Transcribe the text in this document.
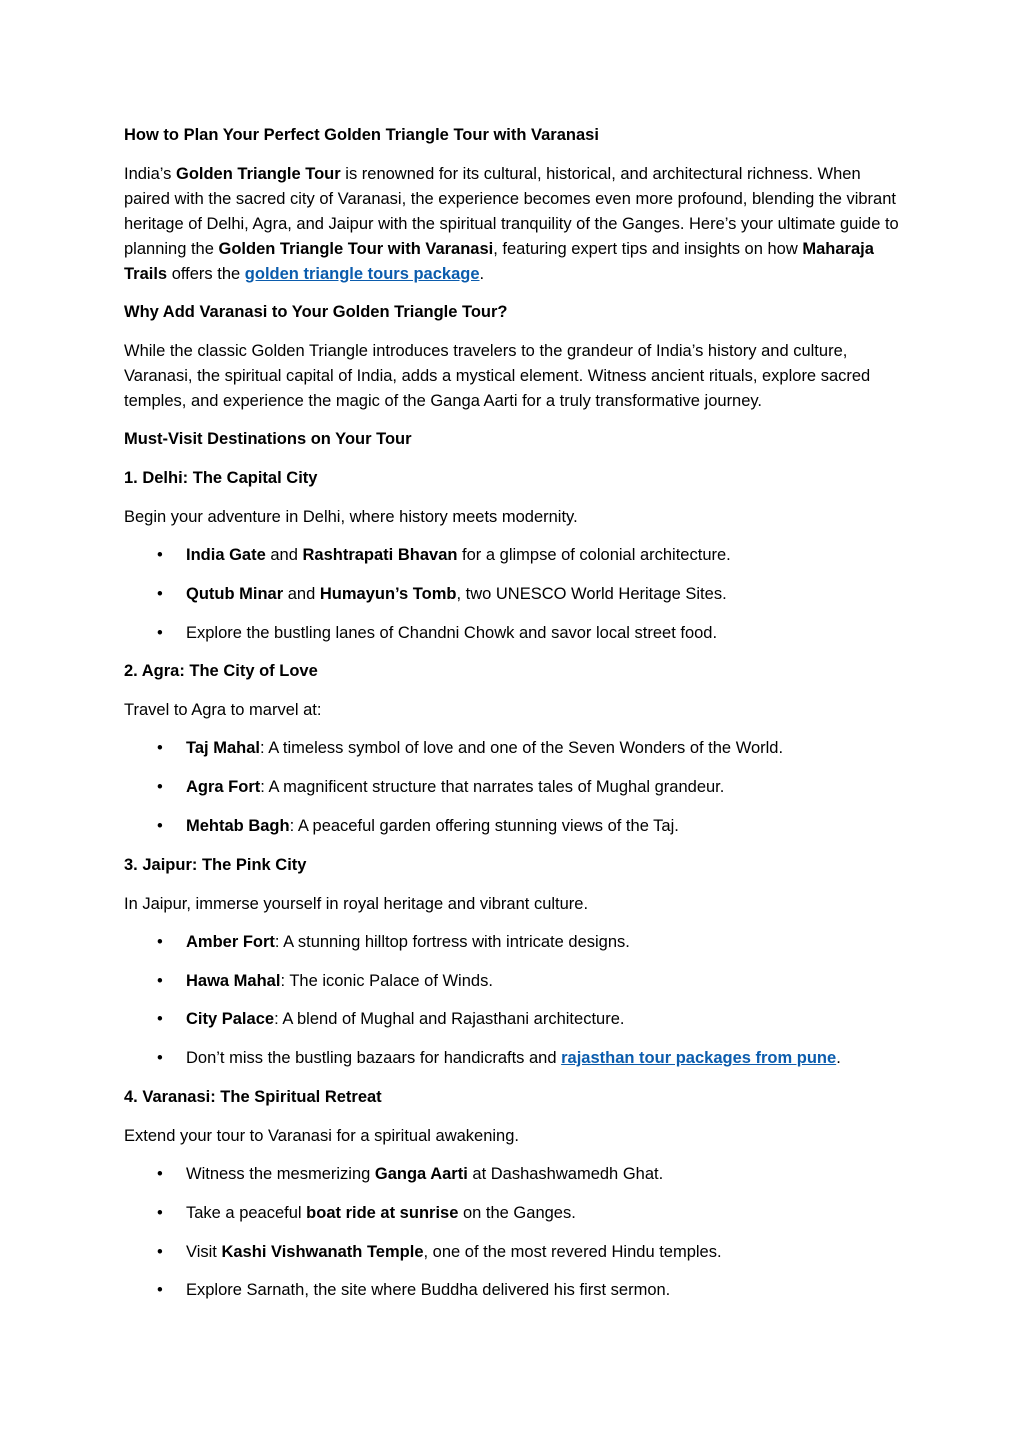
How to Plan Your Perfect Golden Triangle Tour with Varanasi

India’s Golden Triangle Tour is renowned for its cultural, historical, and architectural richness. When paired with the sacred city of Varanasi, the experience becomes even more profound, blending the vibrant heritage of Delhi, Agra, and Jaipur with the spiritual tranquility of the Ganges. Here’s your ultimate guide to planning the Golden Triangle Tour with Varanasi, featuring expert tips and insights on how Maharaja Trails offers the golden triangle tours package.

Why Add Varanasi to Your Golden Triangle Tour?

While the classic Golden Triangle introduces travelers to the grandeur of India’s history and culture, Varanasi, the spiritual capital of India, adds a mystical element. Witness ancient rituals, explore sacred temples, and experience the magic of the Ganga Aarti for a truly transformative journey.

Must-Visit Destinations on Your Tour
1. Delhi: The Capital City

Begin your adventure in Delhi, where history meets modernity.

• India Gate and Rashtrapati Bhavan for a glimpse of colonial architecture.
• Qutub Minar and Humayun’s Tomb, two UNESCO World Heritage Sites.
• Explore the bustling lanes of Chandni Chowk and savor local street food.
2. Agra: The City of Love

Travel to Agra to marvel at:

• Taj Mahal: A timeless symbol of love and one of the Seven Wonders of the World.
• Agra Fort: A magnificent structure that narrates tales of Mughal grandeur.
• Mehtab Bagh: A peaceful garden offering stunning views of the Taj.
3. Jaipur: The Pink City

In Jaipur, immerse yourself in royal heritage and vibrant culture.

• Amber Fort: A stunning hilltop fortress with intricate designs.
• Hawa Mahal: The iconic Palace of Winds.
• City Palace: A blend of Mughal and Rajasthani architecture.
• Don’t miss the bustling bazaars for handicrafts and rajasthan tour packages from pune.
4. Varanasi: The Spiritual Retreat

Extend your tour to Varanasi for a spiritual awakening.

• Witness the mesmerizing Ganga Aarti at Dashashwamedh Ghat.
• Take a peaceful boat ride at sunrise on the Ganges.
• Visit Kashi Vishwanath Temple, one of the most revered Hindu temples.
• Explore Sarnath, the site where Buddha delivered his first sermon.
